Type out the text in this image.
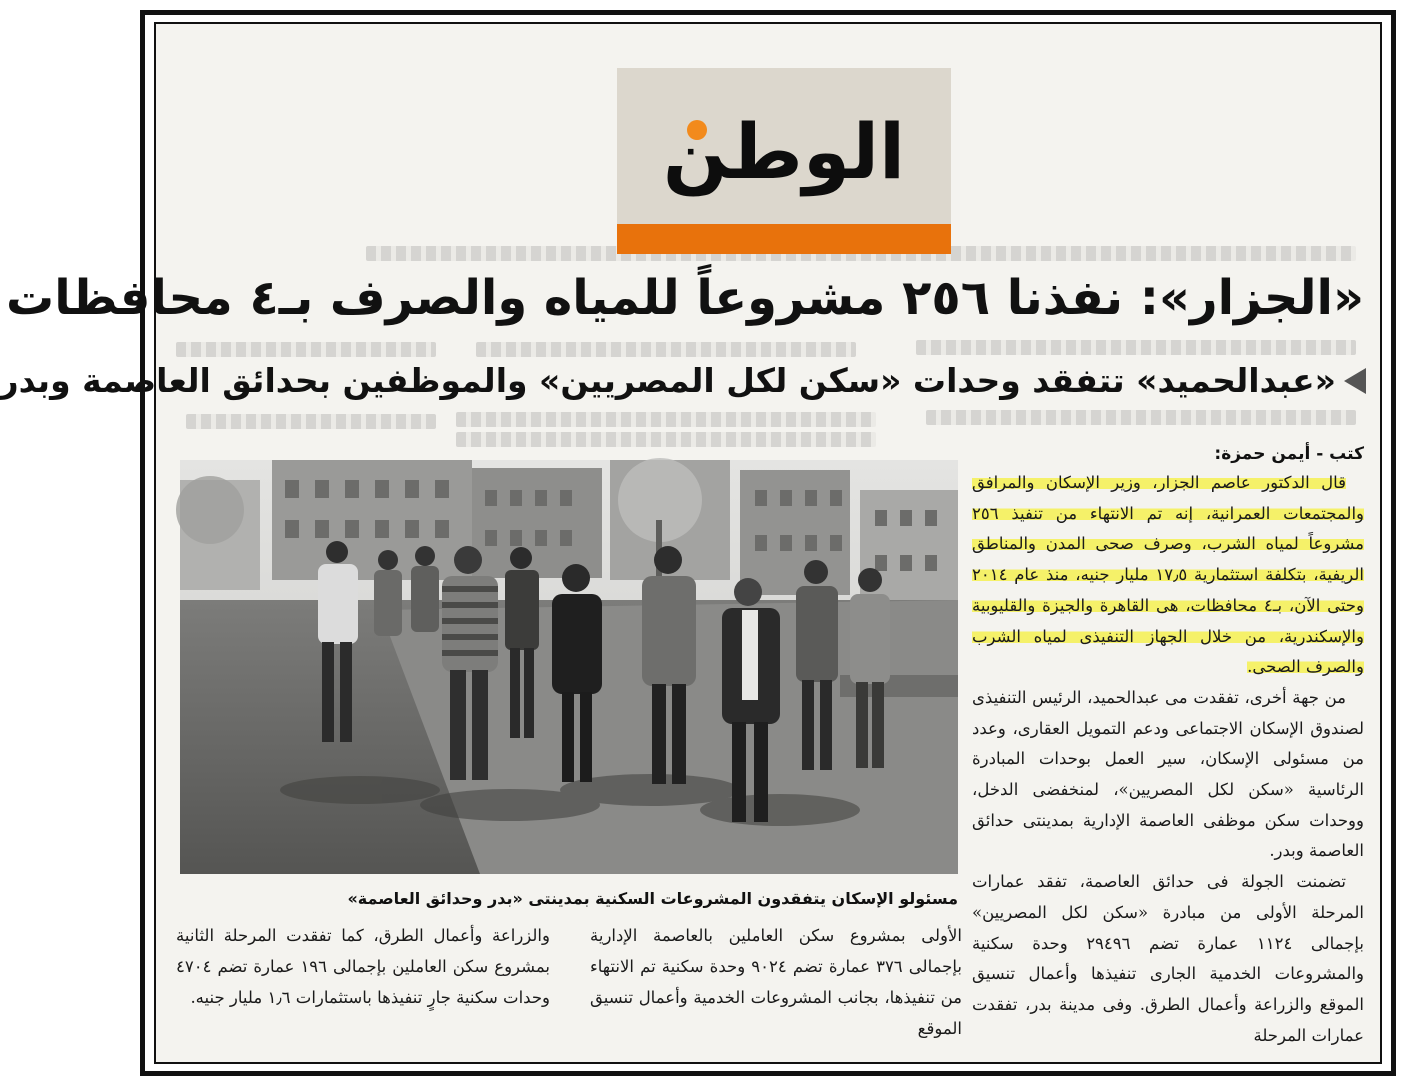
الوطن
«الجزار»: نفذنا ٢٥٦ مشروعاً للمياه والصرف بـ٤ محافظات
«عبدالحميد» تتفقد وحدات «سكن لكل المصريين» والموظفين بحدائق العاصمة وبدر
كتب - أيمن حمزة:

قال الدكتور عاصم الجزار، وزير الإسكان والمرافق والمجتمعات العمرانية، إنه تم الانتهاء من تنفيذ ٢٥٦ مشروعاً لمياه الشرب، وصرف صحى المدن والمناطق الريفية، بتكلفة استثمارية ١٧٫٥ مليار جنيه، منذ عام ٢٠١٤ وحتى الآن، بـ٤ محافظات، هى القاهرة والجيزة والقليوبية والإسكندرية، من خلال الجهاز التنفيذى لمياه الشرب والصرف الصحى.

من جهة أخرى، تفقدت مى عبدالحميد، الرئيس التنفيذى لصندوق الإسكان الاجتماعى ودعم التمويل العقارى، وعدد من مسئولى الإسكان، سير العمل بوحدات المبادرة الرئاسية «سكن لكل المصريين»، لمنخفضى الدخل، ووحدات سكن موظفى العاصمة الإدارية بمدينتى حدائق العاصمة وبدر.

تضمنت الجولة فى حدائق العاصمة، تفقد عمارات المرحلة الأولى من مبادرة «سكن لكل المصريين» بإجمالى ١١٢٤ عمارة تضم ٢٩٤٩٦ وحدة سكنية والمشروعات الخدمية الجارى تنفيذها وأعمال تنسيق الموقع والزراعة وأعمال الطرق. وفى مدينة بدر، تفقدت عمارات المرحلة

مسئولو الإسكان يتفقدون المشروعات السكنية بمدينتى «بدر وحدائق العاصمة»
الأولى بمشروع سكن العاملين بالعاصمة الإدارية بإجمالى ٣٧٦ عمارة تضم ٩٠٢٤ وحدة سكنية تم الانتهاء من تنفيذها، بجانب المشروعات الخدمية وأعمال تنسيق الموقع
والزراعة وأعمال الطرق، كما تفقدت المرحلة الثانية بمشروع سكن العاملين بإجمالى ١٩٦ عمارة تضم ٤٧٠٤ وحدات سكنية جارٍ تنفيذها باستثمارات ١٫٦ مليار جنيه.
